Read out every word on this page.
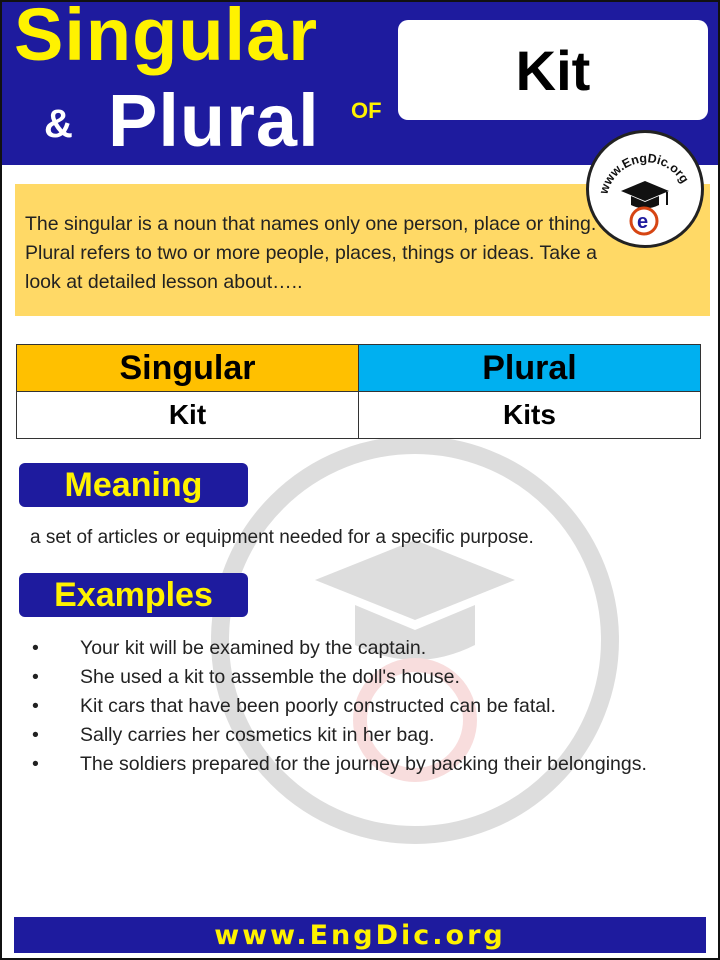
Singular
& Plural OF
Kit
www.EngDic.org
e

The singular is a noun that names only one person, place or thing. Plural refers to two or more people, places, things or ideas. Take a look at detailed lesson about…..

Singular	Plural
Kit	Kits
Meaning

a set of articles or equipment needed for a specific purpose.

Examples
• Your kit will be examined by the captain.
• She used a kit to assemble the doll's house.
• Kit cars that have been poorly constructed can be fatal.
• Sally carries her cosmetics kit in her bag.
• The soldiers prepared for the journey by packing their belongings.
www.EngDic.org
